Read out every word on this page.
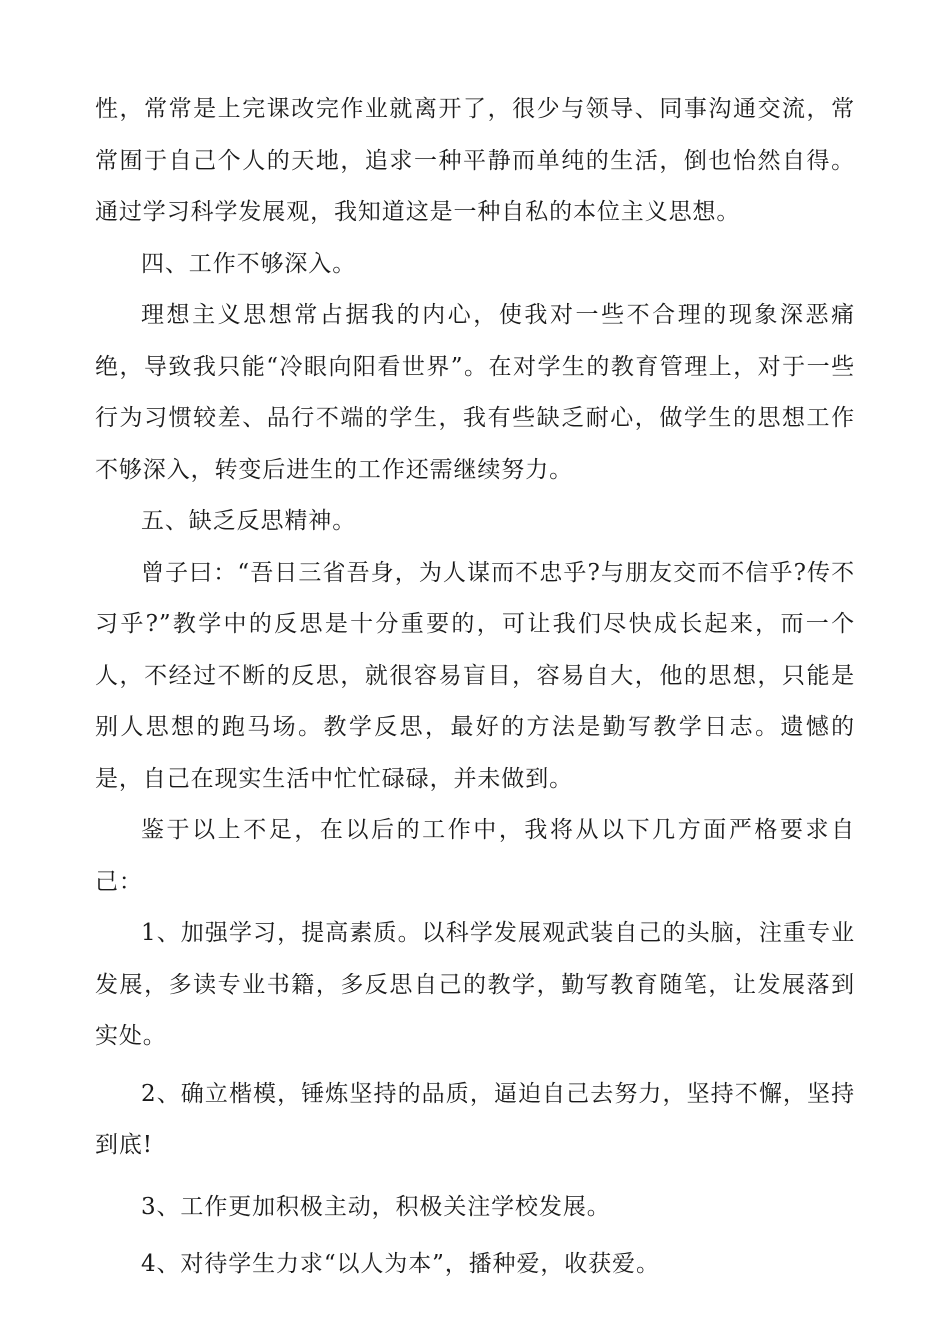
性，常常是上完课改完作业就离开了，很少与领导、同事沟通交流，常常囿于自己个人的天地，追求一种平静而单纯的生活，倒也怡然自得。通过学习科学发展观，我知道这是一种自私的本位主义思想。

四、工作不够深入。

理想主义思想常占据我的内心，使我对一些不合理的现象深恶痛绝，导致我只能“冷眼向阳看世界”。在对学生的教育管理上，对于一些行为习惯较差、品行不端的学生，我有些缺乏耐心，做学生的思想工作不够深入，转变后进生的工作还需继续努力。

五、缺乏反思精神。

曾子曰：“吾日三省吾身，为人谋而不忠乎?与朋友交而不信乎?传不习乎?”教学中的反思是十分重要的，可让我们尽快成长起来，而一个人，不经过不断的反思，就很容易盲目，容易自大，他的思想，只能是别人思想的跑马场。教学反思，最好的方法是勤写教学日志。遗憾的是，自己在现实生活中忙忙碌碌，并未做到。

鉴于以上不足，在以后的工作中，我将从以下几方面严格要求自己：

1、加强学习，提高素质。以科学发展观武装自己的头脑，注重专业发展，多读专业书籍，多反思自己的教学，勤写教育随笔，让发展落到实处。

2、确立楷模，锤炼坚持的品质，逼迫自己去努力，坚持不懈，坚持到底!

3、工作更加积极主动，积极关注学校发展。

4、对待学生力求“以人为本”，播种爱，收获爱。
